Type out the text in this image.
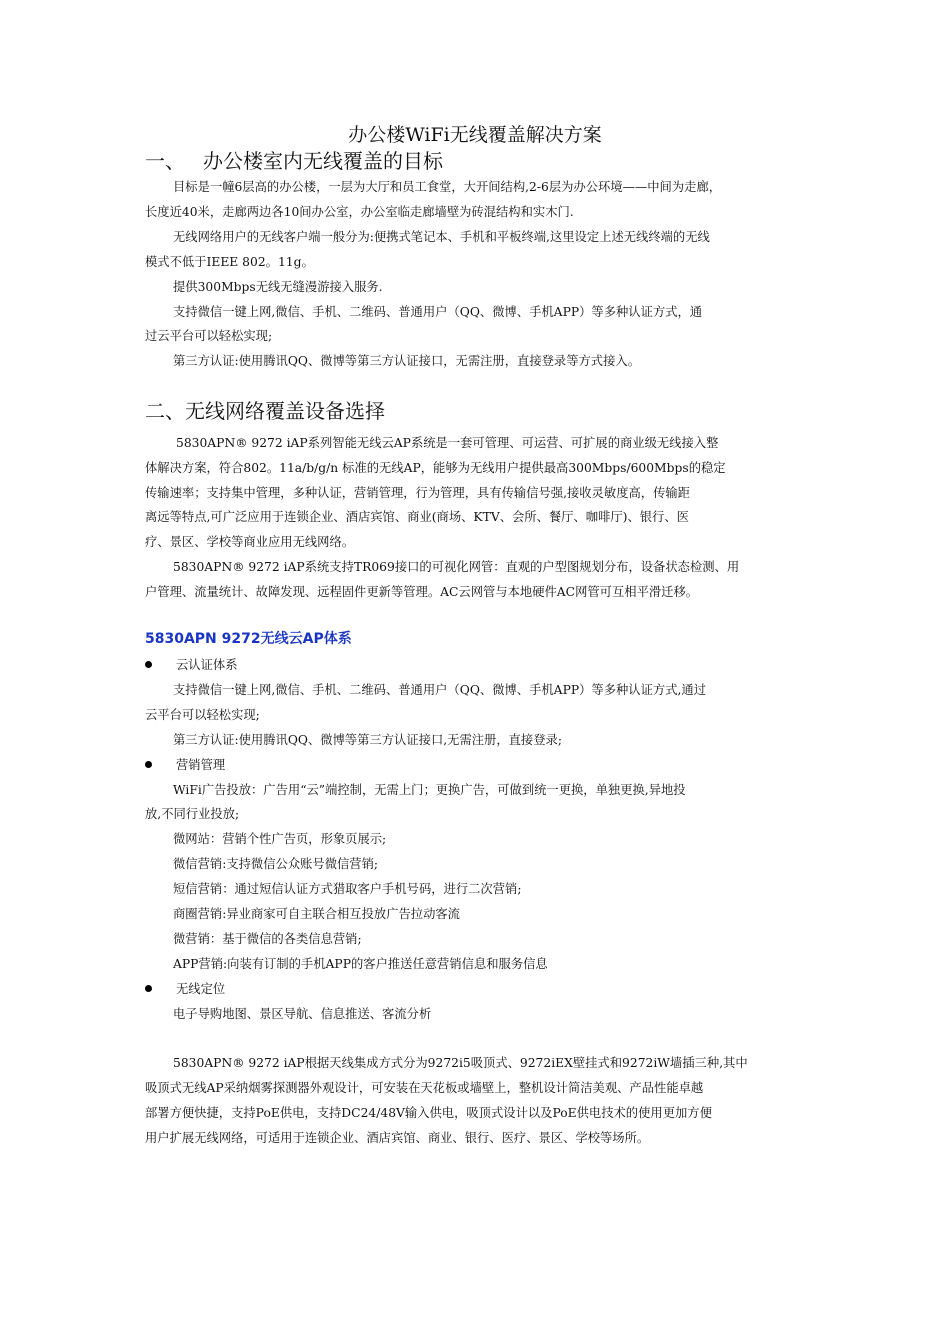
办公楼WiFi无线覆盖解决方案
一、 办公楼室内无线覆盖的目标
目标是一幢6层高的办公楼，一层为大厅和员工食堂，大开间结构,2-6层为办公环境——中间为走廊，
长度近40米，走廊两边各10间办公室，办公室临走廊墙壁为砖混结构和实木门.
无线网络用户的无线客户端一般分为:便携式笔记本、手机和平板终端,这里设定上述无线终端的无线
模式不低于IEEE 802。11g。
提供300Mbps无线无缝漫游接入服务.
支持微信一键上网,微信、手机、二维码、普通用户（QQ、微博、手机APP）等多种认证方式，通
过云平台可以轻松实现;
第三方认证:使用腾讯QQ、微博等第三方认证接口，无需注册，直接登录等方式接入。
二、无线网络覆盖设备选择
5830APN® 9272 iAP系列智能无线云AP系统是一套可管理、可运营、可扩展的商业级无线接入整
体解决方案，符合802。11a/b/g/n 标准的无线AP，能够为无线用户提供最高300Mbps/600Mbps的稳定
传输速率；支持集中管理，多种认证，营销管理，行为管理，具有传输信号强,接收灵敏度高，传输距
离远等特点,可广泛应用于连锁企业、酒店宾馆、商业(商场、KTV、会所、餐厅、咖啡厅)、银行、医
疗、景区、学校等商业应用无线网络。
5830APN® 9272 iAP系统支持TR069接口的可视化网管：直观的户型图规划分布，设备状态检测、用
户管理、流量统计、故障发现、远程固件更新等管理。AC云网管与本地硬件AC网管可互相平滑迁移。
5830APN 9272无线云AP体系
云认证体系
支持微信一键上网,微信、手机、二维码、普通用户（QQ、微博、手机APP）等多种认证方式,通过
云平台可以轻松实现;
第三方认证:使用腾讯QQ、微博等第三方认证接口,无需注册，直接登录;
营销管理
WiFi广告投放：广告用“云”端控制，无需上门；更换广告，可做到统一更换，单独更换,异地投
放,不同行业投放;
微网站：营销个性广告页，形象页展示;
微信营销:支持微信公众账号微信营销;
短信营销：通过短信认证方式猎取客户手机号码，进行二次营销;
商圈营销:异业商家可自主联合相互投放广告拉动客流
微营销：基于微信的各类信息营销;
APP营销:向装有订制的手机APP的客户推送任意营销信息和服务信息
无线定位
电子导购地图、景区导航、信息推送、客流分析
5830APN® 9272 iAP根据天线集成方式分为9272i5吸顶式、9272iEX壁挂式和9272iW墙插三种,其中
吸顶式无线AP采纳烟雾探测器外观设计，可安装在天花板或墙壁上，整机设计简洁美观、产品性能卓越
部署方便快捷，支持PoE供电，支持DC24/48V输入供电，吸顶式设计以及PoE供电技术的使用更加方便
用户扩展无线网络，可适用于连锁企业、酒店宾馆、商业、银行、医疗、景区、学校等场所。
